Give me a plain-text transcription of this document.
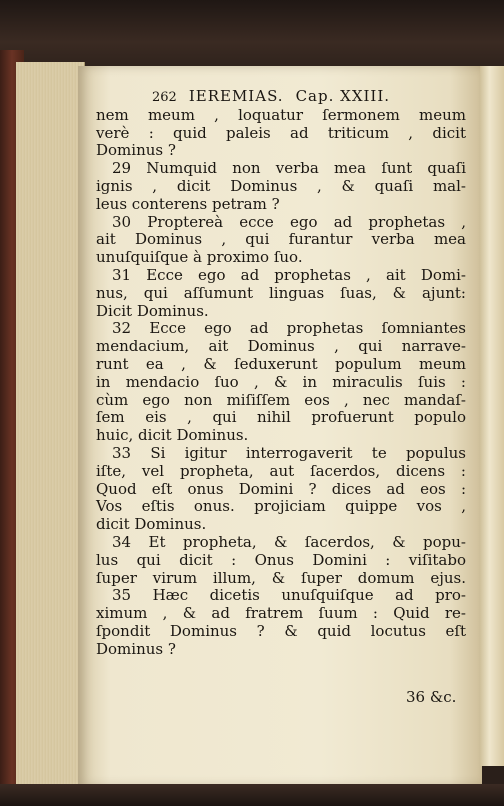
262 IEREMIAS. Cap. XXIII.
nem meum , loquatur ſermonem meum
verè : quid paleis ad triticum , dicit
Dominus ?
29 Numquid non verba mea ſunt quaſi
ignis , dicit Dominus , & quaſi mal-
leus conterens petram ?
30 Proptereà ecce ego ad prophetas ,
ait Dominus , qui furantur verba mea
unuſquiſque à proximo ſuo.
31 Ecce ego ad prophetas , ait Domi-
nus, qui aſſumunt linguas ſuas, & ajunt:
Dicit Dominus.
32 Ecce ego ad prophetas ſomniantes
mendacium, ait Dominus , qui narrave-
runt ea , & ſeduxerunt populum meum
in mendacio ſuo , & in miraculis ſuis :
cùm ego non miſiſſem eos , nec mandaſ-
ſem eis , qui nihil profuerunt populo
huic, dicit Dominus.
33 Si igitur interrogaverit te populus
iſte, vel propheta, aut ſacerdos, dicens :
Quod eſt onus Domini ? dices ad eos :
Vos eſtis onus. projiciam quippe vos ,
dicit Dominus.
34 Et propheta, & ſacerdos, & popu-
lus qui dicit : Onus Domini : viſitabo
ſuper virum illum, & ſuper domum ejus.
35 Hæc dicetis unuſquiſque ad pro-
ximum , & ad fratrem ſuum : Quid re-
ſpondit Dominus ? & quid locutus eſt
Dominus ?
36 &c.
